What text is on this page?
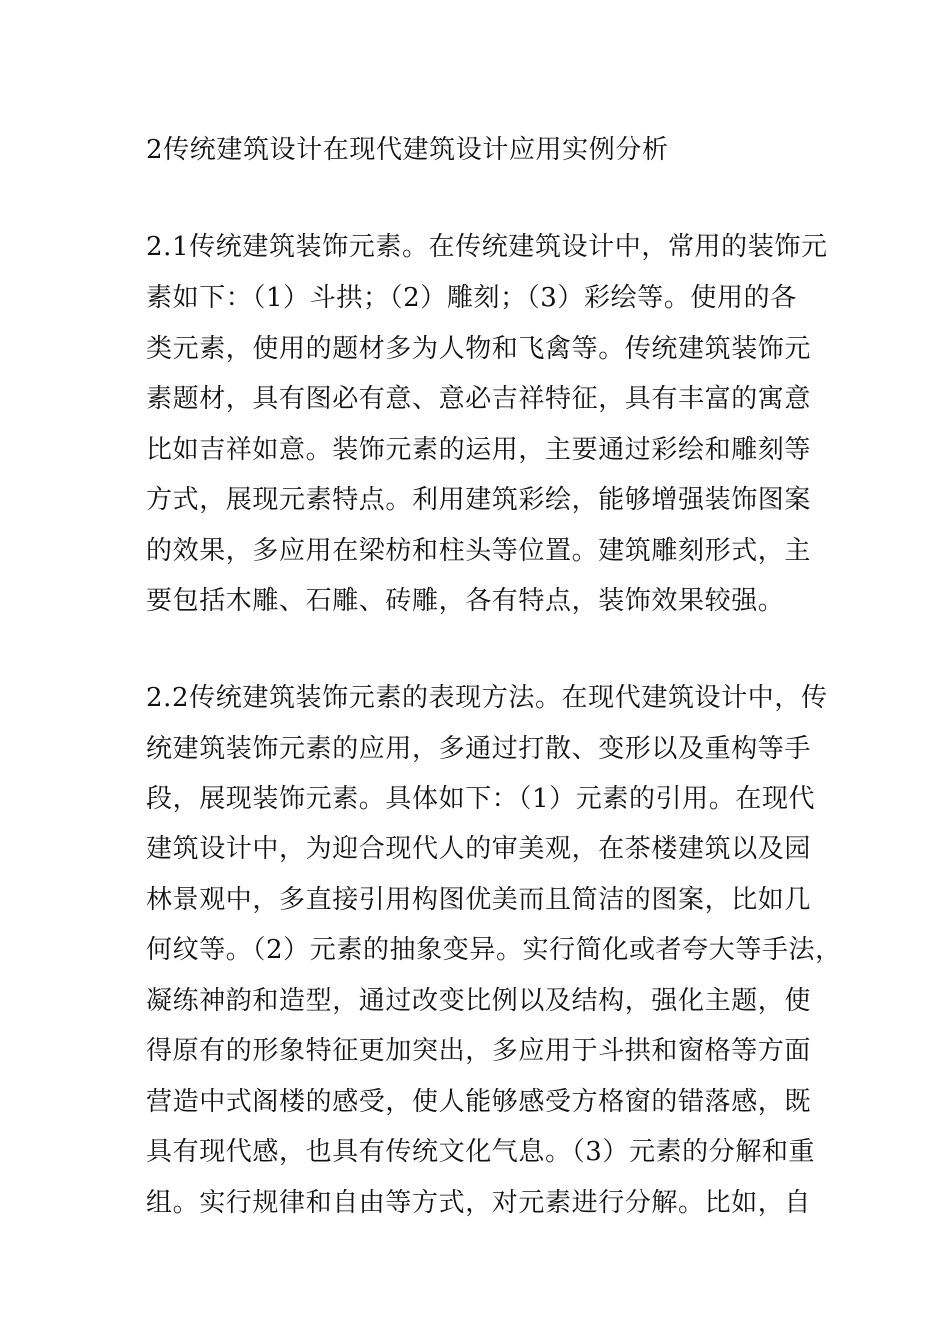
2传统建筑设计在现代建筑设计应用实例分析

2.1传统建筑装饰元素。在传统建筑设计中，常用的装饰元

素如下：（1）斗拱；（2）雕刻；（3）彩绘等。使用的各

类元素，使用的题材多为人物和飞禽等。传统建筑装饰元

素题材，具有图必有意、意必吉祥特征，具有丰富的寓意

比如吉祥如意。装饰元素的运用，主要通过彩绘和雕刻等

方式，展现元素特点。利用建筑彩绘，能够增强装饰图案

的效果，多应用在梁枋和柱头等位置。建筑雕刻形式，主

要包括木雕、石雕、砖雕，各有特点，装饰效果较强。

2.2传统建筑装饰元素的表现方法。在现代建筑设计中，传

统建筑装饰元素的应用，多通过打散、变形以及重构等手

段，展现装饰元素。具体如下：（1）元素的引用。在现代

建筑设计中，为迎合现代人的审美观，在茶楼建筑以及园

林景观中，多直接引用构图优美而且简洁的图案，比如几

何纹等。（2）元素的抽象变异。实行简化或者夸大等手法，

凝练神韵和造型，通过改变比例以及结构，强化主题，使

得原有的形象特征更加突出，多应用于斗拱和窗格等方面

营造中式阁楼的感受，使人能够感受方格窗的错落感，既

具有现代感，也具有传统文化气息。（3）元素的分解和重

组。实行规律和自由等方式，对元素进行分解。比如，自
